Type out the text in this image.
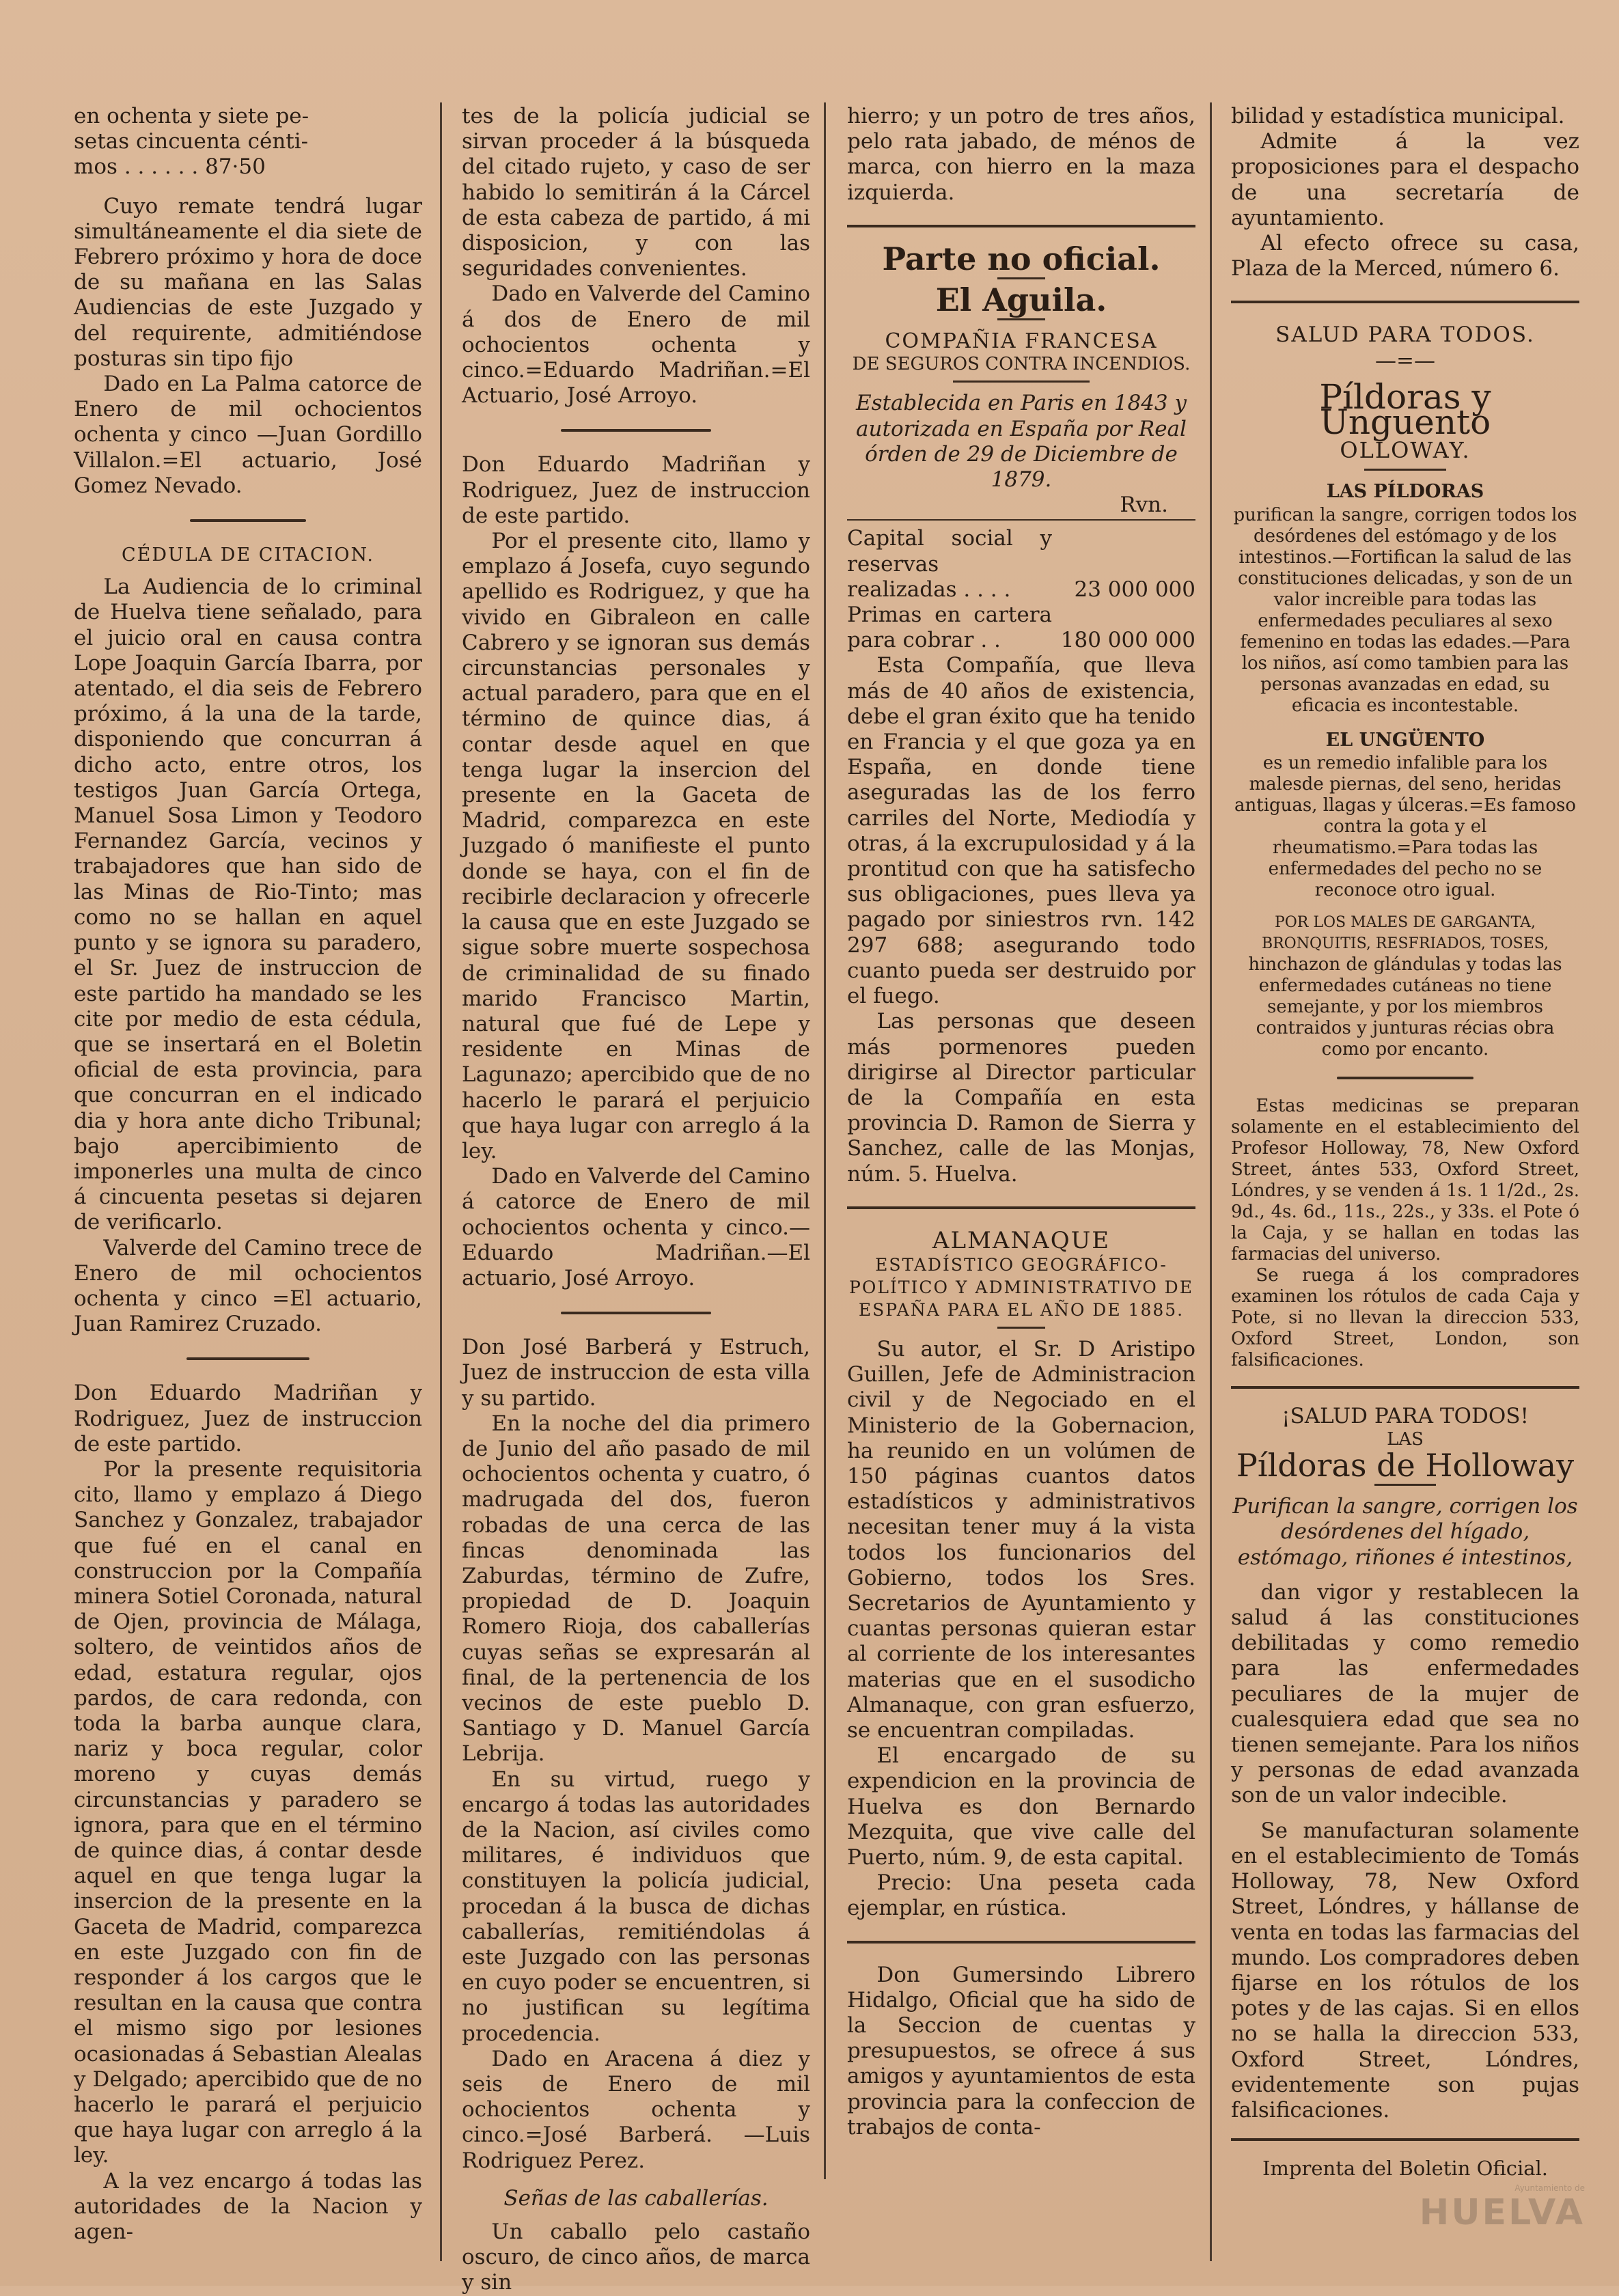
en ochenta y siete pe-

setas cincuenta cénti-

mos . . . . . . 87·50

Cuyo remate tendrá lugar simultáneamente el dia siete de Febrero próximo y hora de doce de su mañana en las Salas Audiencias de este Juzgado y del requirente, admitiéndose posturas sin tipo fijo

Dado en La Palma catorce de Enero de mil ochocientos ochenta y cinco —Juan Gordillo Villalon.=El actuario, José Gomez Nevado.

CÉDULA DE CITACION.

La Audiencia de lo criminal de Huelva tiene señalado, para el juicio oral en causa contra Lope Joaquin García Ibarra, por atentado, el dia seis de Febrero próximo, á la una de la tarde, disponiendo que concurran á dicho acto, entre otros, los testigos Juan García Ortega, Manuel Sosa Limon y Teodoro Fernandez García, vecinos y trabajadores que han sido de las Minas de Rio-Tinto; mas como no se hallan en aquel punto y se ignora su paradero, el Sr. Juez de instruccion de este partido ha mandado se les cite por medio de esta cédula, que se insertará en el Boletin oficial de esta provincia, para que concurran en el indicado dia y hora ante dicho Tribunal; bajo apercibimiento de imponerles una multa de cinco á cincuenta pesetas si dejaren de verificarlo.

Valverde del Camino trece de Enero de mil ochocientos ochenta y cinco =El actuario, Juan Ramirez Cruzado.

Don Eduardo Madriñan y Rodriguez, Juez de instruccion de este partido.

Por la presente requisitoria cito, llamo y emplazo á Diego Sanchez y Gonzalez, trabajador que fué en el canal en construccion por la Compañía minera Sotiel Coronada, natural de Ojen, provincia de Málaga, soltero, de veintidos años de edad, estatura regular, ojos pardos, de cara redonda, con toda la barba aunque clara, nariz y boca regular, color moreno y cuyas demás circunstancias y paradero se ignora, para que en el término de quince dias, á contar desde aquel en que tenga lugar la insercion de la presente en la Gaceta de Madrid, comparezca en este Juzgado con fin de responder á los cargos que le resultan en la causa que contra el mismo sigo por lesiones ocasionadas á Sebastian Alealas y Delgado; apercibido que de no hacerlo le parará el perjuicio que haya lugar con arreglo á la ley.

A la vez encargo á todas las autoridades de la Nacion y agen-

tes de la policía judicial se sirvan proceder á la búsqueda del citado rujeto, y caso de ser habido lo semitirán á la Cárcel de esta cabeza de partido, á mi disposicion, y con las seguridades convenientes.

Dado en Valverde del Camino á dos de Enero de mil ochocientos ochenta y cinco.=Eduardo Madriñan.=El Actuario, José Arroyo.

Don Eduardo Madriñan y Rodriguez, Juez de instruccion de este partido.

Por el presente cito, llamo y emplazo á Josefa, cuyo segundo apellido es Rodriguez, y que ha vivido en Gibraleon en calle Cabrero y se ignoran sus demás circunstancias personales y actual paradero, para que en el término de quince dias, á contar desde aquel en que tenga lugar la insercion del presente en la Gaceta de Madrid, comparezca en este Juzgado ó manifieste el punto donde se haya, con el fin de recibirle declaracion y ofrecerle la causa que en este Juzgado se sigue sobre muerte sospechosa de criminalidad de su finado marido Francisco Martin, natural que fué de Lepe y residente en Minas de Lagunazo; apercibido que de no hacerlo le parará el perjuicio que haya lugar con arreglo á la ley.

Dado en Valverde del Camino á catorce de Enero de mil ochocientos ochenta y cinco.—Eduardo Madriñan.—El actuario, José Arroyo.

Don José Barberá y Estruch, Juez de instruccion de esta villa y su partido.

En la noche del dia primero de Junio del año pasado de mil ochocientos ochenta y cuatro, ó madrugada del dos, fueron robadas de una cerca de las fincas denominada las Zaburdas, término de Zufre, propiedad de D. Joaquin Romero Rioja, dos caballerías cuyas señas se expresarán al final, de la pertenencia de los vecinos de este pueblo D. Santiago y D. Manuel García Lebrija.

En su virtud, ruego y encargo á todas las autoridades de la Nacion, así civiles como militares, é individuos que constituyen la policía judicial, procedan á la busca de dichas caballerías, remitiéndolas á este Juzgado con las personas en cuyo poder se encuentren, si no justifican su legítima procedencia.

Dado en Aracena á diez y seis de Enero de mil ochocientos ochenta y cinco.=José Barberá. —Luis Rodriguez Perez.

Señas de las caballerías.

Un caballo pelo castaño oscuro, de cinco años, de marca y sin

hierro; y un potro de tres años, pelo rata jabado, de ménos de marca, con hierro en la maza izquierda.

Parte no oficial.
El Aguila.

COMPAÑIA FRANCESA

DE SEGUROS CONTRA INCENDIOS.

Establecida en Paris en 1843 y autorizada en España por Real órden de 29 de Diciembre de 1879.

Rvn.

Capital social y reservas realizadas . . . .	23 000 000
Primas en cartera para cobrar . .	180 000 000

Esta Compañía, que lleva más de 40 años de existencia, debe el gran éxito que ha tenido en Francia y el que goza ya en España, en donde tiene aseguradas las de los ferro carriles del Norte, Mediodía y otras, á la excrupulosidad y á la prontitud con que ha satisfecho sus obligaciones, pues lleva ya pagado por siniestros rvn. 142 297 688; asegurando todo cuanto pueda ser destruido por el fuego.

Las personas que deseen más pormenores pueden dirigirse al Director particular de la Compañía en esta provincia D. Ramon de Sierra y Sanchez, calle de las Monjas, núm. 5. Huelva.

ALMANAQUE

ESTADÍSTICO GEOGRÁFICO-POLÍTICO Y ADMINISTRATIVO DE ESPAÑA PARA EL AÑO DE 1885.

Su autor, el Sr. D Aristipo Guillen, Jefe de Administracion civil y de Negociado en el Ministerio de la Gobernacion, ha reunido en un volúmen de 150 páginas cuantos datos estadísticos y administrativos necesitan tener muy á la vista todos los funcionarios del Gobierno, todos los Sres. Secretarios de Ayuntamiento y cuantas personas quieran estar al corriente de los interesantes materias que en el susodicho Almanaque, con gran esfuerzo, se encuentran compiladas.

El encargado de su expendicion en la provincia de Huelva es don Bernardo Mezquita, que vive calle del Puerto, núm. 9, de esta capital.

Precio: Una peseta cada ejemplar, en rústica.

Don Gumersindo Librero Hidalgo, Oficial que ha sido de la Seccion de cuentas y presupuestos, se ofrece á sus amigos y ayuntamientos de esta provincia para la confeccion de trabajos de conta-

bilidad y estadística municipal.

Admite á la vez proposiciones para el despacho de una secretaría de ayuntamiento.

Al efecto ofrece su casa, Plaza de la Merced, número 6.

SALUD PARA TODOS.

—=—

Píldoras y Unguento

OLLOWAY.

LAS PÍLDORAS

purifican la sangre, corrigen todos los desórdenes del estómago y de los intestinos.—Fortifican la salud de las constituciones delicadas, y son de un valor increible para todas las enfermedades peculiares al sexo femenino en todas las edades.—Para los niños, así como tambien para las personas avanzadas en edad, su eficacia es incontestable.

EL UNGÜENTO

es un remedio infalible para los malesde piernas, del seno, heridas antiguas, llagas y úlceras.=Es famoso contra la gota y el rheumatismo.=Para todas las enfermedades del pecho no se reconoce otro igual.

POR LOS MALES DE GARGANTA, BRONQUITIS, RESFRIADOS, TOSES,

hinchazon de glándulas y todas las enfermedades cutáneas no tiene semejante, y por los miembros contraidos y junturas récias obra como por encanto.

Estas medicinas se preparan solamente en el establecimiento del Profesor Holloway, 78, New Oxford Street, ántes 533, Oxford Street, Lóndres, y se venden á 1s. 1 1/2d., 2s. 9d., 4s. 6d., 11s., 22s., y 33s. el Pote ó la Caja, y se hallan en todas las farmacias del universo.

Se ruega á los compradores examinen los rótulos de cada Caja y Pote, si no llevan la direccion 533, Oxford Street, London, son falsificaciones.

¡SALUD PARA TODOS!

LAS

Píldoras de Holloway

Purifican la sangre, corrigen los desórdenes del hígado, estómago, riñones é intestinos,

dan vigor y restablecen la salud á las constituciones debilitadas y como remedio para las enfermedades peculiares de la mujer de cualesquiera edad que sea no tienen semejante. Para los niños y personas de edad avanzada son de un valor indecible.

Se manufacturan solamente en el establecimiento de Tomás Holloway, 78, New Oxford Street, Lóndres, y hállanse de venta en todas las farmacias del mundo. Los compradores deben fijarse en los rótulos de los potes y de las cajas. Si en ellos no se halla la direccion 533, Oxford Street, Lóndres, evidentemente son pujas falsificaciones.

Imprenta del Boletin Oficial.

Ayuntamiento de
HUELVA
